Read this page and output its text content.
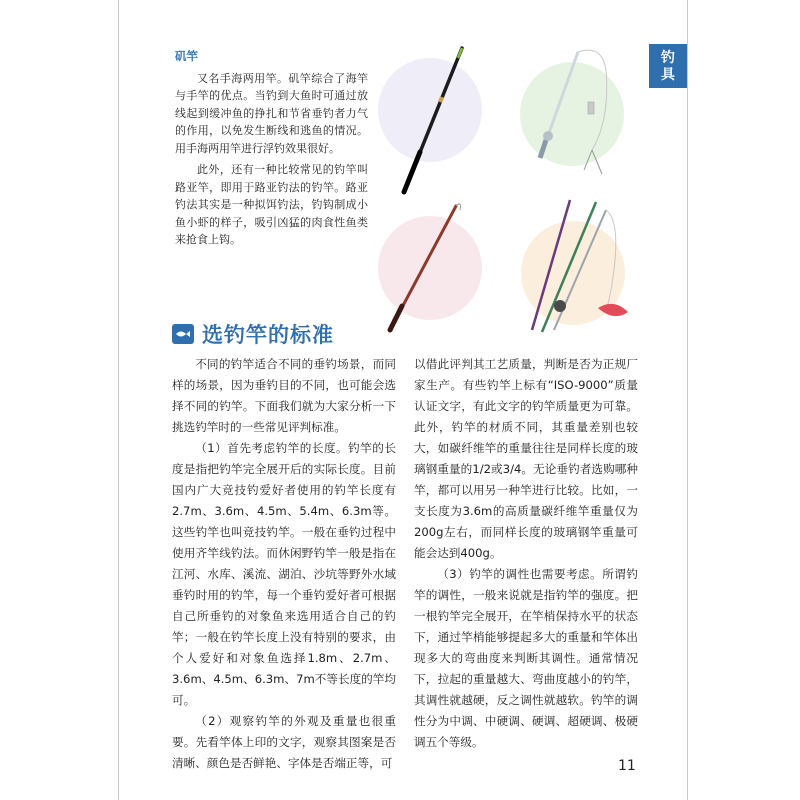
钓
具
矶竿

又名手海两用竿。矶竿综合了海竿与手竿的优点。当钓到大鱼时可通过放线起到缓冲鱼的挣扎和节省垂钓者力气的作用，以免发生断线和逃鱼的情况。用手海两用竿进行浮钓效果很好。

此外，还有一种比较常见的钓竿叫路亚竿，即用于路亚钓法的钓竿。路亚钓法其实是一种拟饵钓法，钓钩制成小鱼小虾的样子，吸引凶猛的肉食性鱼类来抢食上钩。

选钓竿的标准

不同的钓竿适合不同的垂钓场景，而同样的场景，因为垂钓目的不同，也可能会选择不同的钓竿。下面我们就为大家分析一下挑选钓竿时的一些常见评判标准。

（1）首先考虑钓竿的长度。钓竿的长度是指把钓竿完全展开后的实际长度。目前国内广大竞技钓爱好者使用的钓竿长度有2.7m、3.6m、4.5m、5.4m、6.3m等。这些钓竿也叫竞技钓竿。一般在垂钓过程中使用齐竿线钓法。而休闲野钓竿一般是指在江河、水库、溪流、湖泊、沙坑等野外水域垂钓时用的钓竿，每一个垂钓爱好者可根据自己所垂钓的对象鱼来选用适合自己的钓竿；一般在钓竿长度上没有特别的要求，由个人爱好和对象鱼选择1.8m、2.7m、3.6m、4.5m、6.3m、7m不等长度的竿均可。

（2）观察钓竿的外观及重量也很重要。先看竿体上印的文字，观察其图案是否清晰、颜色是否鲜艳、字体是否端正等，可

以借此评判其工艺质量，判断是否为正规厂家生产。有些钓竿上标有“ISO-9000”质量认证文字，有此文字的钓竿质量更为可靠。此外，钓竿的材质不同，其重量差别也较大，如碳纤维竿的重量往往是同样长度的玻璃钢重量的1/2或3/4。无论垂钓者选购哪种竿，都可以用另一种竿进行比较。比如，一支长度为3.6m的高质量碳纤维竿重量仅为200g左右，而同样长度的玻璃钢竿重量可能会达到400g。

（3）钓竿的调性也需要考虑。所谓钓竿的调性，一般来说就是指钓竿的强度。把一根钓竿完全展开，在竿梢保持水平的状态下，通过竿梢能够提起多大的重量和竿体出现多大的弯曲度来判断其调性。通常情况下，拉起的重量越大、弯曲度越小的钓竿，其调性就越硬，反之调性就越软。钓竿的调性分为中调、中硬调、硬调、超硬调、极硬调五个等级。

11
